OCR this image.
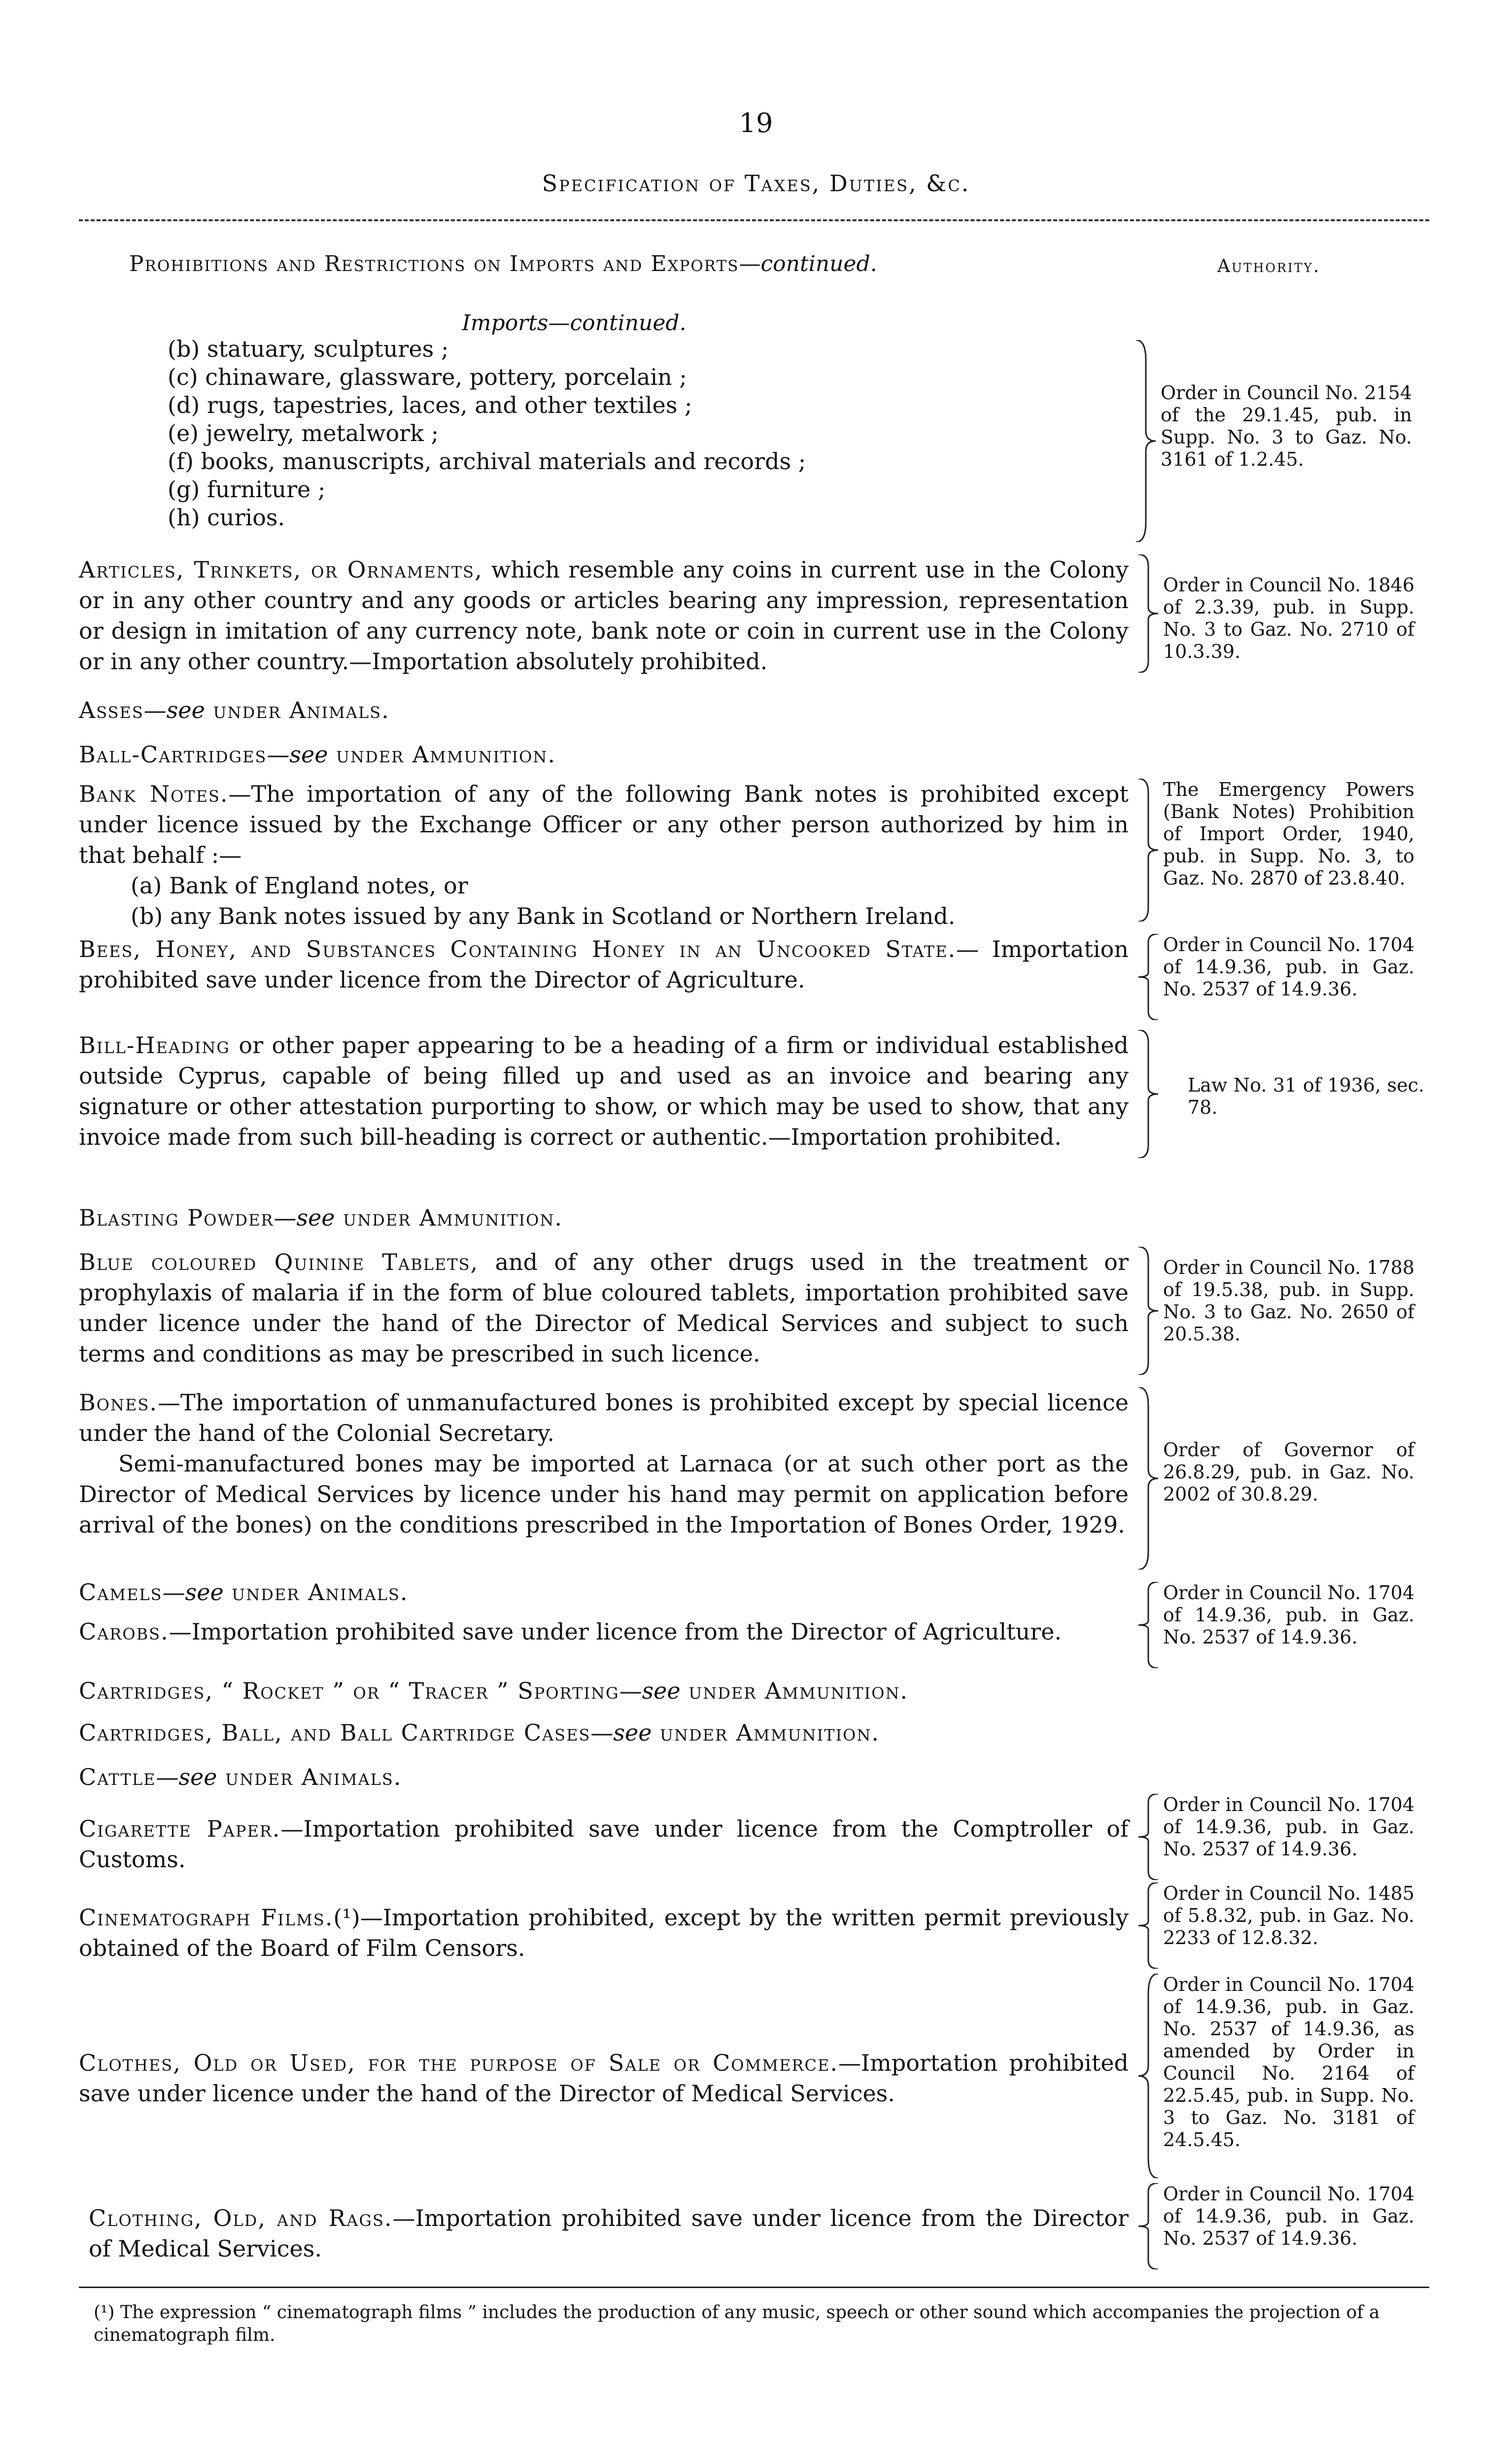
19
Specification of Taxes, Duties, &c.
Prohibitions and Restrictions on Imports and Exports—continued.	Authority.
Imports—continued.
(b) statuary, sculptures ;
(c) chinaware, glassware, pottery, porcelain ;
(d) rugs, tapestries, laces, and other textiles ;
(e) jewelry, metalwork ;
(f) books, manuscripts, archival materials and records ;
(g) furniture ;
(h) curios.
Order in Council No. 2154 of the 29.1.45, pub. in Supp. No. 3 to Gaz. No. 3161 of 1.2.45.
Articles, Trinkets, or Ornaments, which resemble any coins in current use in the Colony or in any other country and any goods or articles bearing any impression, representation or design in imitation of any currency note, bank note or coin in current use in the Colony or in any other country.—Importation absolutely prohibited.
Order in Council No. 1846 of 2.3.39, pub. in Supp. No. 3 to Gaz. No. 2710 of 10.3.39.
Asses—see under Animals.
Ball-Cartridges—see under Ammunition.
Bank Notes.—The importation of any of the following Bank notes is prohibited except under licence issued by the Exchange Officer or any other person authorized by him in that behalf :—
(a) Bank of England notes, or
(b) any Bank notes issued by any Bank in Scotland or Northern Ireland.
The Emergency Powers (Bank Notes) Prohibition of Import Order, 1940, pub. in Supp. No. 3, to Gaz. No. 2870 of 23.8.40.
Bees, Honey, and Substances Containing Honey in an Uncooked State.— Importation prohibited save under licence from the Director of Agriculture.
Order in Council No. 1704 of 14.9.36, pub. in Gaz. No. 2537 of 14.9.36.
Bill-Heading or other paper appearing to be a heading of a firm or individual established outside Cyprus, capable of being filled up and used as an invoice and bearing any signature or other attestation purporting to show, or which may be used to show, that any invoice made from such bill-heading is correct or authentic.—Importation prohibited.
Law No. 31 of 1936, sec. 78.
Blasting Powder—see under Ammunition.
Blue coloured Quinine Tablets, and of any other drugs used in the treatment or prophylaxis of malaria if in the form of blue coloured tablets, importation prohibited save under licence under the hand of the Director of Medical Services and subject to such terms and conditions as may be prescribed in such licence.
Order in Council No. 1788 of 19.5.38, pub. in Supp. No. 3 to Gaz. No. 2650 of 20.5.38.
Bones.—The importation of unmanufactured bones is prohibited except by special licence under the hand of the Colonial Secretary.
Semi-manufactured bones may be imported at Larnaca (or at such other port as the Director of Medical Services by licence under his hand may permit on application before arrival of the bones) on the conditions prescribed in the Importation of Bones Order, 1929.
Order of Governor of 26.8.29, pub. in Gaz. No. 2002 of 30.8.29.
Camels—see under Animals.
Carobs.—Importation prohibited save under licence from the Director of Agriculture.
Order in Council No. 1704 of 14.9.36, pub. in Gaz. No. 2537 of 14.9.36.
Cartridges, “ Rocket ” or “ Tracer ” Sporting—see under Ammunition.
Cartridges, Ball, and Ball Cartridge Cases—see under Ammunition.
Cattle—see under Animals.
Cigarette Paper.—Importation prohibited save under licence from the Comptroller of Customs.
Order in Council No. 1704 of 14.9.36, pub. in Gaz. No. 2537 of 14.9.36.
Cinematograph Films.(¹)—Importation prohibited, except by the written permit previously obtained of the Board of Film Censors.
Order in Council No. 1485 of 5.8.32, pub. in Gaz. No. 2233 of 12.8.32.
Clothes, Old or Used, for the purpose of Sale or Commerce.—Importation prohibited save under licence under the hand of the Director of Medical Services.
Order in Council No. 1704 of 14.9.36, pub. in Gaz. No. 2537 of 14.9.36, as amended by Order in Council No. 2164 of 22.5.45, pub. in Supp. No. 3 to Gaz. No. 3181 of 24.5.45.
Clothing, Old, and Rags.—Importation prohibited save under licence from the Director of Medical Services.
Order in Council No. 1704 of 14.9.36, pub. in Gaz. No. 2537 of 14.9.36.
(¹) The expression “ cinematograph films ” includes the production of any music, speech or other sound which accompanies the projection of a cinematograph film.
